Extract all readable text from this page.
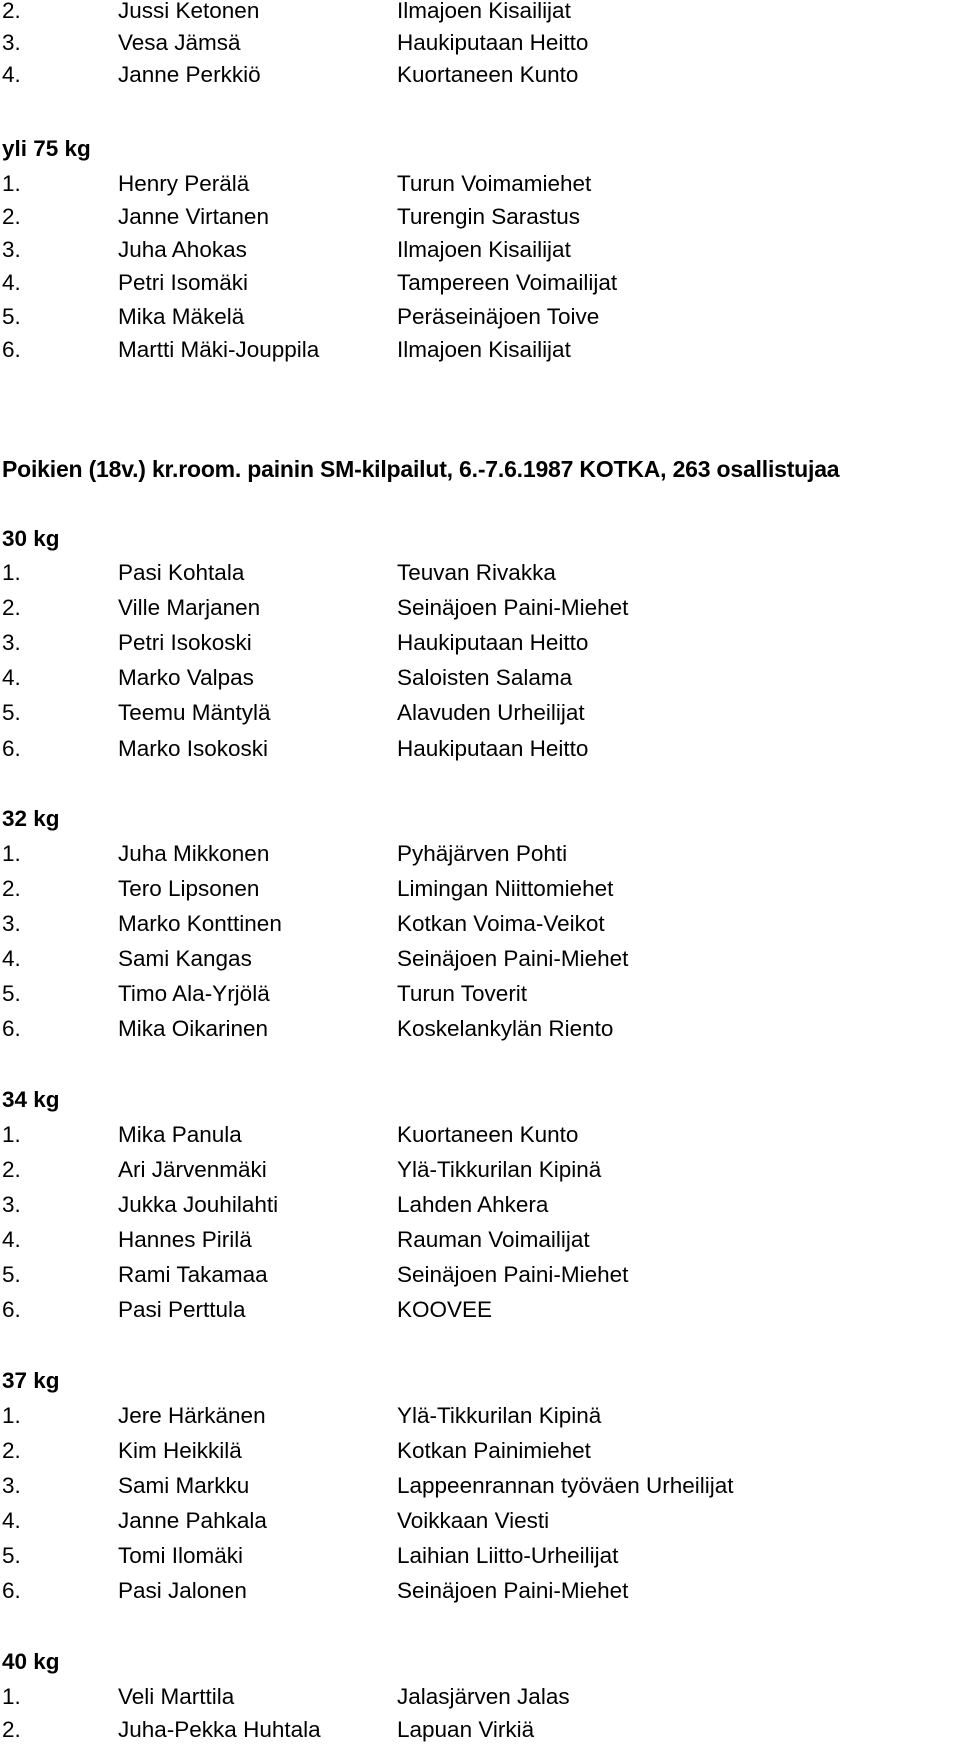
2.	Jussi Ketonen	Ilmajoen Kisailijat
3.	Vesa Jämsä	Haukiputaan Heitto
4.	Janne Perkkiö	Kuortaneen Kunto
yli 75 kg
1.	Henry Perälä	Turun Voimamiehet
2.	Janne Virtanen	Turengin Sarastus
3.	Juha Ahokas	Ilmajoen Kisailijat
4.	Petri Isomäki	Tampereen Voimailijat
5.	Mika Mäkelä	Peräseinäjoen Toive
6.	Martti Mäki-Jouppila	Ilmajoen Kisailijat
Poikien (18v.) kr.room. painin SM-kilpailut, 6.-7.6.1987 KOTKA, 263 osallistujaa
30 kg
1.	Pasi Kohtala	Teuvan Rivakka
2.	Ville Marjanen	Seinäjoen Paini-Miehet
3.	Petri Isokoski	Haukiputaan Heitto
4.	Marko Valpas	Saloisten Salama
5.	Teemu Mäntylä	Alavuden Urheilijat
6.	Marko Isokoski	Haukiputaan Heitto
32 kg
1.	Juha Mikkonen	Pyhäjärven Pohti
2.	Tero Lipsonen	Limingan Niittomiehet
3.	Marko Konttinen	Kotkan Voima-Veikot
4.	Sami Kangas	Seinäjoen Paini-Miehet
5.	Timo Ala-Yrjölä	Turun Toverit
6.	Mika Oikarinen	Koskelankylän Riento
34 kg
1.	Mika Panula	Kuortaneen Kunto
2.	Ari Järvenmäki	Ylä-Tikkurilan Kipinä
3.	Jukka Jouhilahti	Lahden Ahkera
4.	Hannes Pirilä	Rauman Voimailijat
5.	Rami Takamaa	Seinäjoen Paini-Miehet
6.	Pasi Perttula	KOOVEE
37 kg
1.	Jere Härkänen	Ylä-Tikkurilan Kipinä
2.	Kim Heikkilä	Kotkan Painimiehet
3.	Sami Markku	Lappeenrannan työväen Urheilijat
4.	Janne Pahkala	Voikkaan Viesti
5.	Tomi Ilomäki	Laihian Liitto-Urheilijat
6.	Pasi Jalonen	Seinäjoen Paini-Miehet
40 kg
1.	Veli Marttila	Jalasjärven Jalas
2.	Juha-Pekka Huhtala	Lapuan Virkiä
